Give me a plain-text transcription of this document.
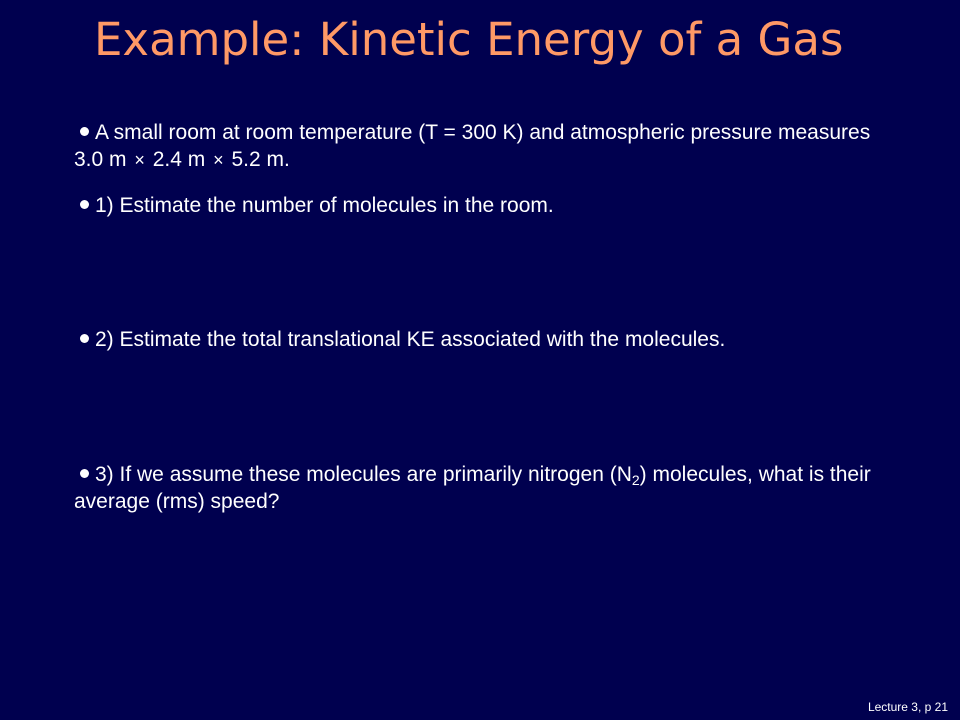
Example: Kinetic Energy of a Gas
A small room at room temperature (T = 300 K) and atmospheric pressure measures 3.0 m × 2.4 m × 5.2 m.
1) Estimate the number of molecules in the room.
2) Estimate the total translational KE associated with the molecules.
3) If we assume these molecules are primarily nitrogen $(N_2)$ molecules, what is their average (rms) speed?
Lecture 3, p 21
